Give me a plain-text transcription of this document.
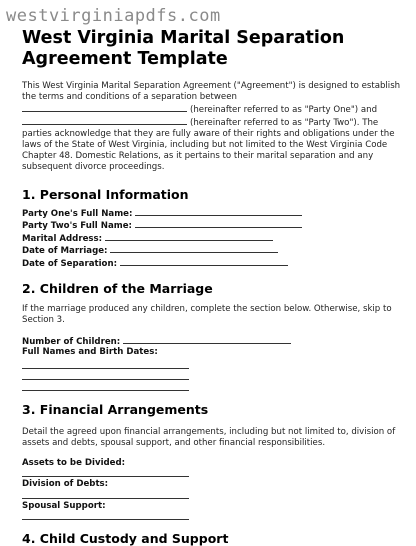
westvirginiapdfs.com
West Virginia Marital Separation
Agreement Template

This West Virginia Marital Separation Agreement ("Agreement") is designed to establish

the terms and conditions of a separation between

(hereinafter referred to as "Party One") and

(hereinafter referred to as "Party Two"). The

parties acknowledge that they are fully aware of their rights and obligations under the

laws of the State of West Virginia, including but not limited to the West Virginia Code

Chapter 48. Domestic Relations, as it pertains to their marital separation and any

subsequent divorce proceedings.

1. Personal Information
Party One's Full Name:
Party Two's Full Name:
Marital Address:
Date of Marriage:
Date of Separation:
2. Children of the Marriage

If the marriage produced any children, complete the section below. Otherwise, skip to

Section 3.

Number of Children:
Full Names and Birth Dates:
3. Financial Arrangements

Detail the agreed upon financial arrangements, including but not limited to, division of

assets and debts, spousal support, and other financial responsibilities.

Assets to be Divided:
Division of Debts:
Spousal Support:
4. Child Custody and Support
